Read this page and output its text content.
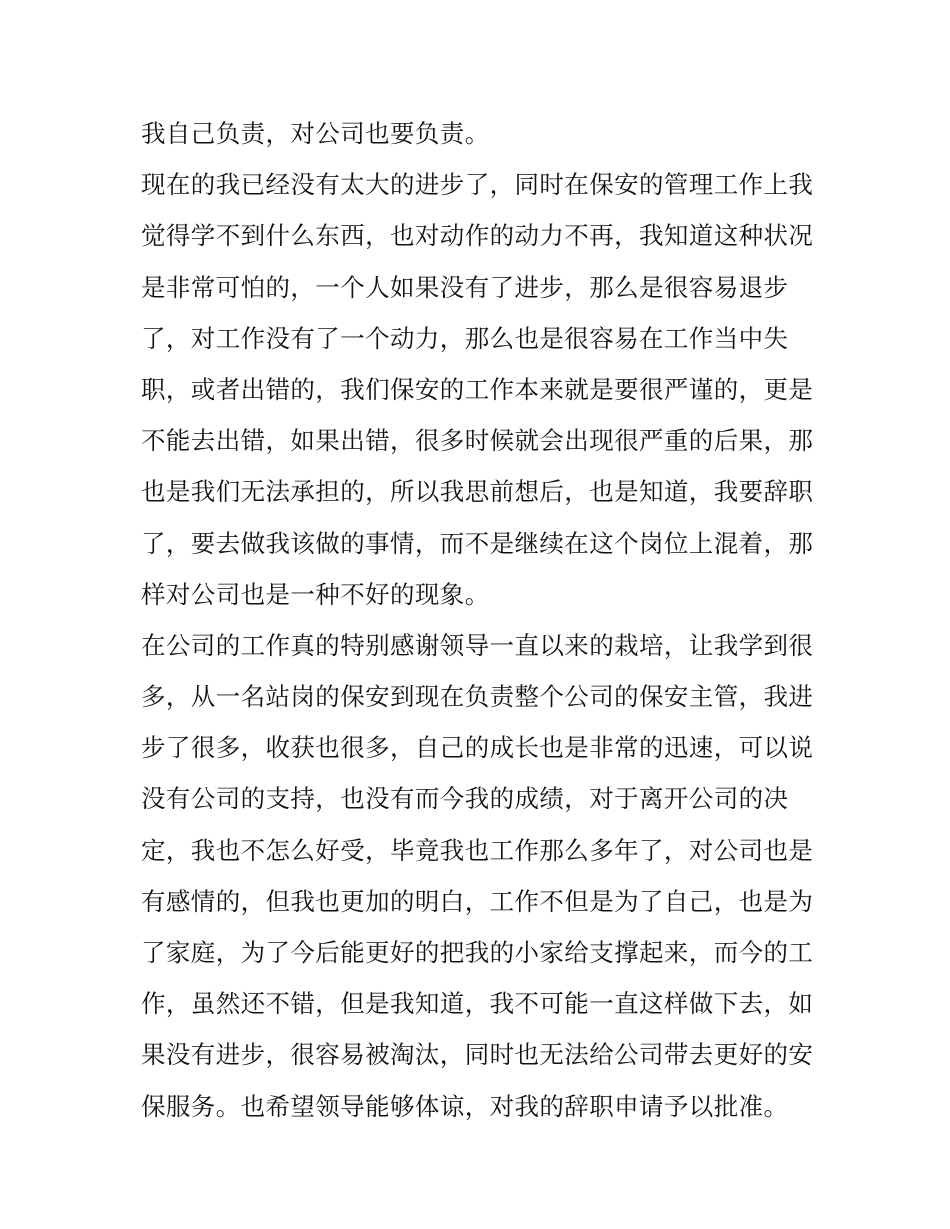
我自己负责，对公司也要负责。
现在的我已经没有太大的进步了，同时在保安的管理工作上我
觉得学不到什么东西，也对动作的动力不再，我知道这种状况
是非常可怕的，一个人如果没有了进步，那么是很容易退步
了，对工作没有了一个动力，那么也是很容易在工作当中失
职，或者出错的，我们保安的工作本来就是要很严谨的，更是
不能去出错，如果出错，很多时候就会出现很严重的后果，那
也是我们无法承担的，所以我思前想后，也是知道，我要辞职
了，要去做我该做的事情，而不是继续在这个岗位上混着，那
样对公司也是一种不好的现象。
在公司的工作真的特别感谢领导一直以来的栽培，让我学到很
多，从一名站岗的保安到现在负责整个公司的保安主管，我进
步了很多，收获也很多，自己的成长也是非常的迅速，可以说
没有公司的支持，也没有而今我的成绩，对于离开公司的决
定，我也不怎么好受，毕竟我也工作那么多年了，对公司也是
有感情的，但我也更加的明白，工作不但是为了自己，也是为
了家庭，为了今后能更好的把我的小家给支撑起来，而今的工
作，虽然还不错，但是我知道，我不可能一直这样做下去，如
果没有进步，很容易被淘汰，同时也无法给公司带去更好的安
保服务。也希望领导能够体谅，对我的辞职申请予以批准。
